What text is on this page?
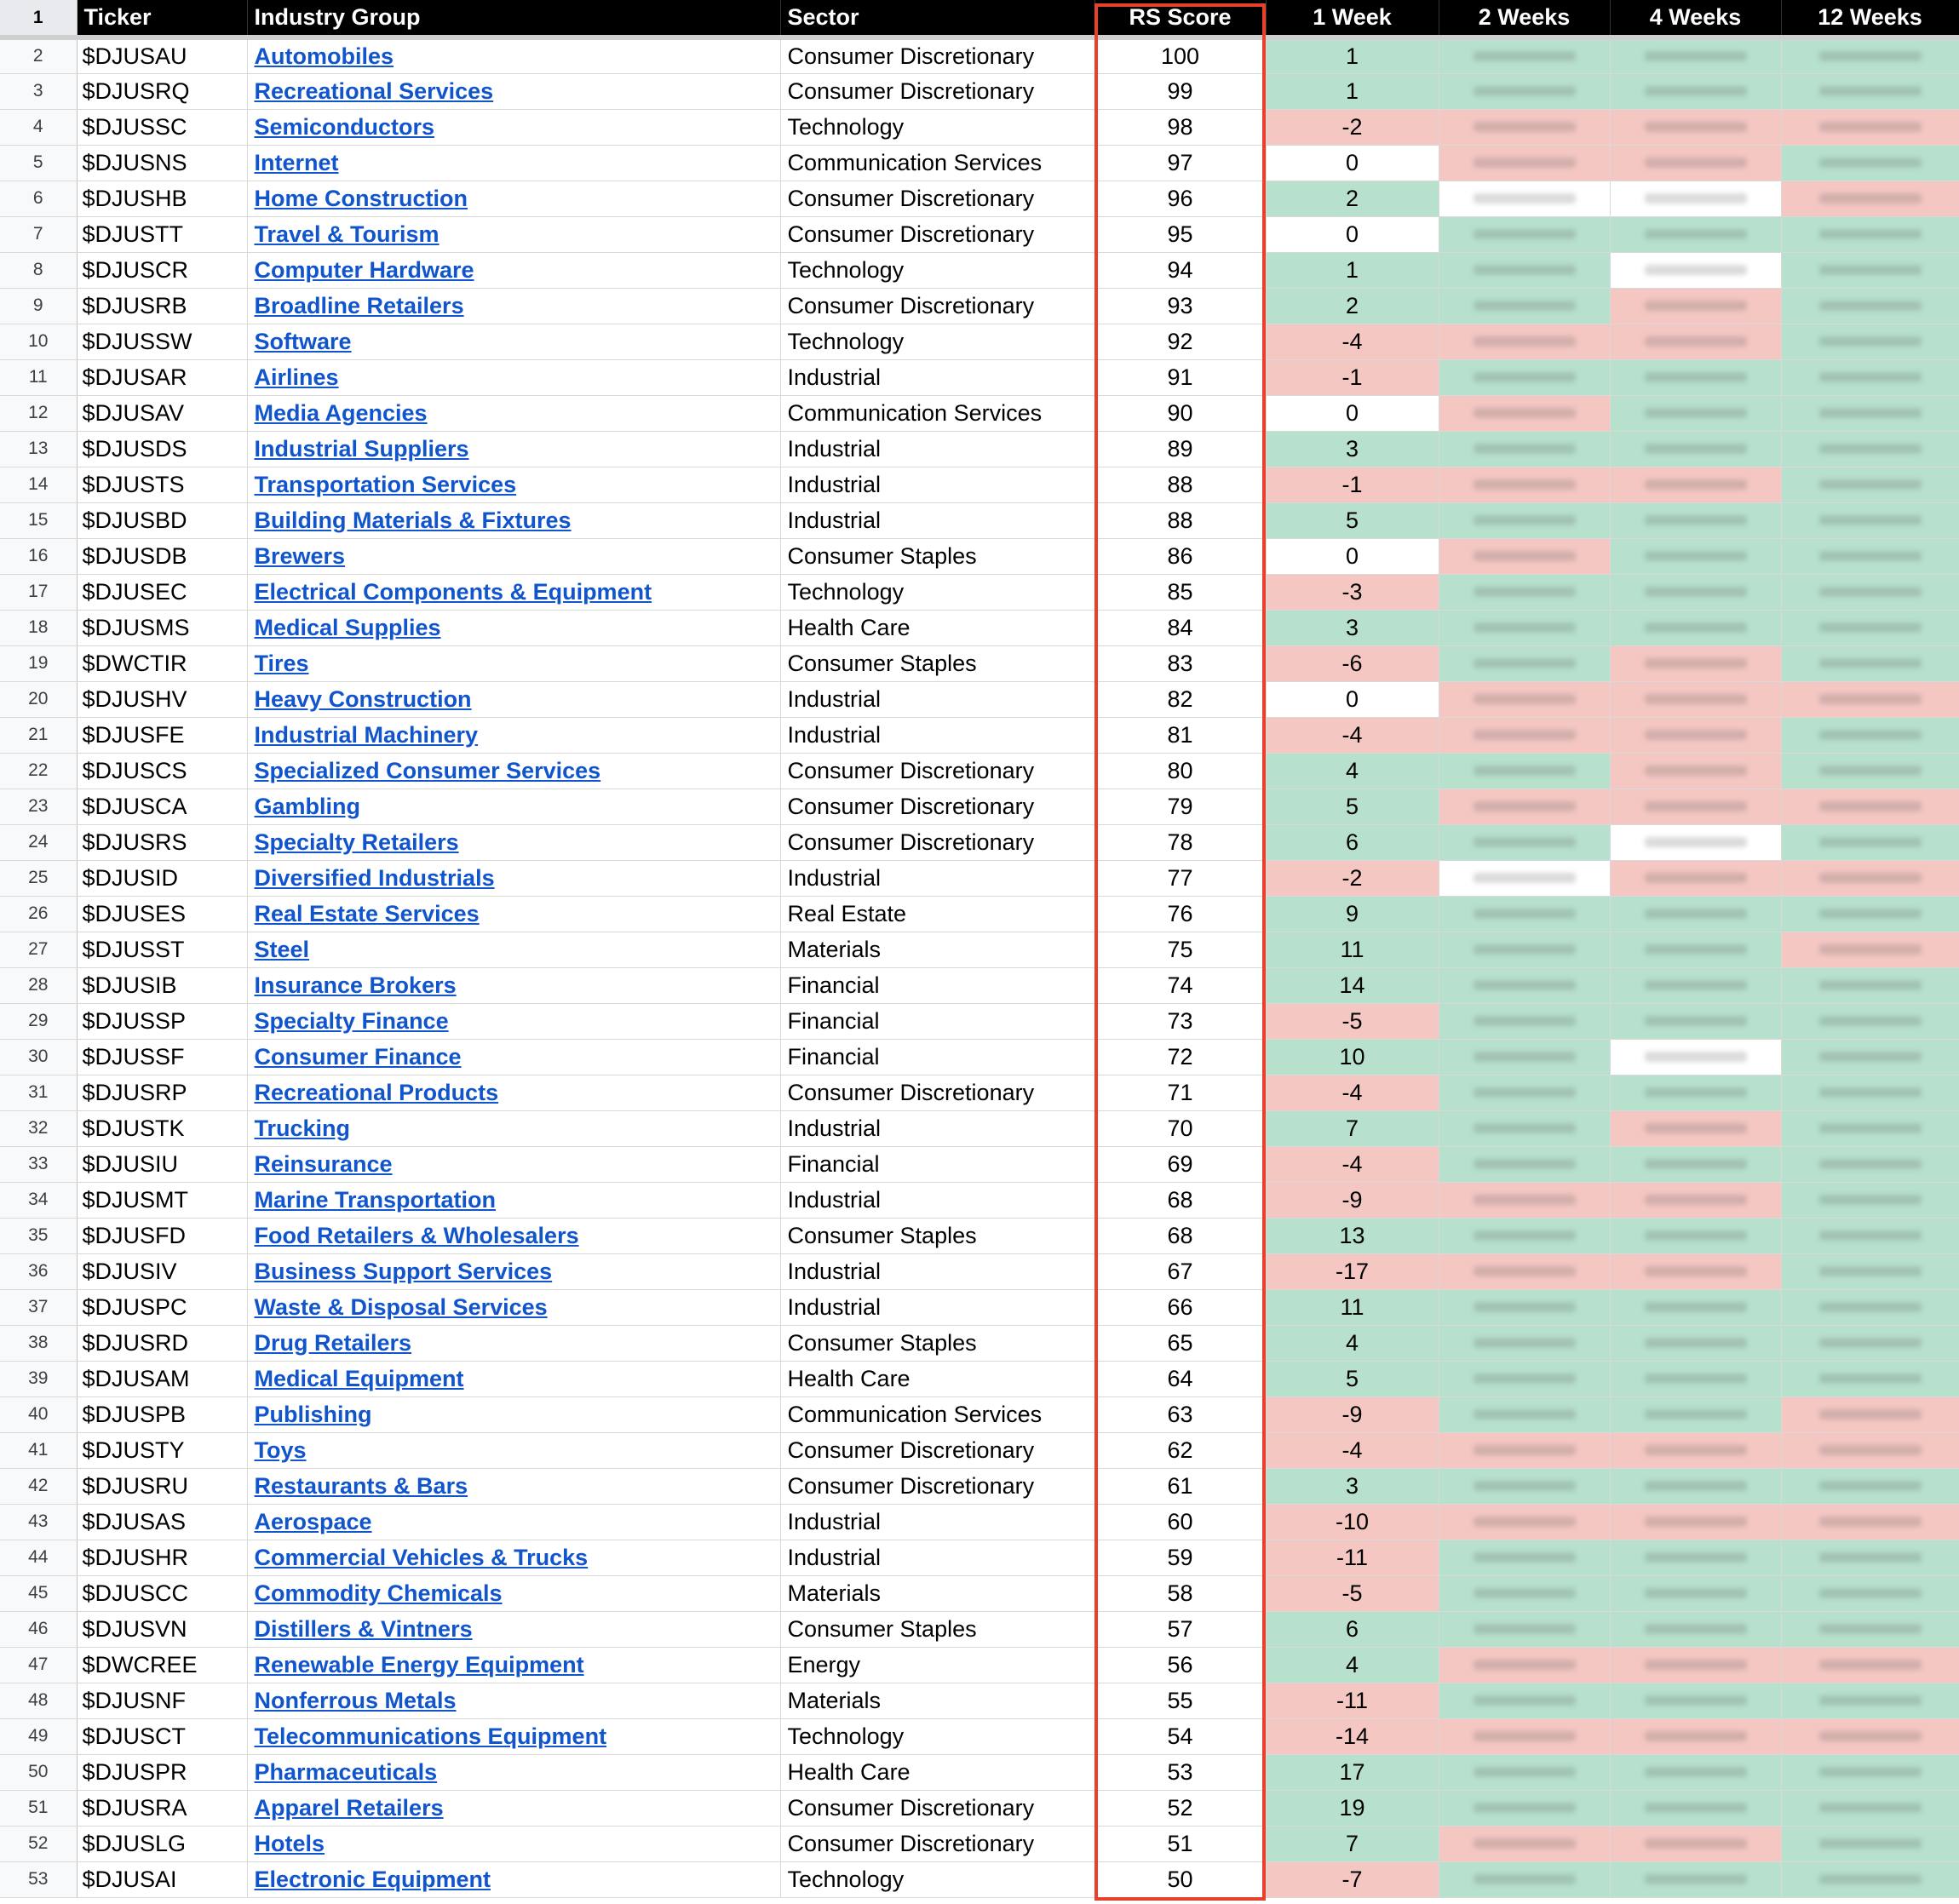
1	Ticker	Industry Group	Sector	RS Score	1 Week	2 Weeks	4 Weeks	12 Weeks
2	$DJUSAU	Automobiles	Consumer Discretionary	100	1	

3	$DJUSRQ	Recreational Services	Consumer Discretionary	99	1	

4	$DJUSSC	Semiconductors	Technology	98	-2	

5	$DJUSNS	Internet	Communication Services	97	0	

6	$DJUSHB	Home Construction	Consumer Discretionary	96	2	

7	$DJUSTT	Travel & Tourism	Consumer Discretionary	95	0	

8	$DJUSCR	Computer Hardware	Technology	94	1	

9	$DJUSRB	Broadline Retailers	Consumer Discretionary	93	2	

10	$DJUSSW	Software	Technology	92	-4	

11	$DJUSAR	Airlines	Industrial	91	-1	

12	$DJUSAV	Media Agencies	Communication Services	90	0	

13	$DJUSDS	Industrial Suppliers	Industrial	89	3	

14	$DJUSTS	Transportation Services	Industrial	88	-1	

15	$DJUSBD	Building Materials & Fixtures	Industrial	88	5	

16	$DJUSDB	Brewers	Consumer Staples	86	0	

17	$DJUSEC	Electrical Components & Equipment	Technology	85	-3	

18	$DJUSMS	Medical Supplies	Health Care	84	3	

19	$DWCTIR	Tires	Consumer Staples	83	-6	

20	$DJUSHV	Heavy Construction	Industrial	82	0	

21	$DJUSFE	Industrial Machinery	Industrial	81	-4	

22	$DJUSCS	Specialized Consumer Services	Consumer Discretionary	80	4	

23	$DJUSCA	Gambling	Consumer Discretionary	79	5	

24	$DJUSRS	Specialty Retailers	Consumer Discretionary	78	6	

25	$DJUSID	Diversified Industrials	Industrial	77	-2	

26	$DJUSES	Real Estate Services	Real Estate	76	9	

27	$DJUSST	Steel	Materials	75	11	

28	$DJUSIB	Insurance Brokers	Financial	74	14	

29	$DJUSSP	Specialty Finance	Financial	73	-5	

30	$DJUSSF	Consumer Finance	Financial	72	10	

31	$DJUSRP	Recreational Products	Consumer Discretionary	71	-4	

32	$DJUSTK	Trucking	Industrial	70	7	

33	$DJUSIU	Reinsurance	Financial	69	-4	

34	$DJUSMT	Marine Transportation	Industrial	68	-9	

35	$DJUSFD	Food Retailers & Wholesalers	Consumer Staples	68	13	

36	$DJUSIV	Business Support Services	Industrial	67	-17	

37	$DJUSPC	Waste & Disposal Services	Industrial	66	11	

38	$DJUSRD	Drug Retailers	Consumer Staples	65	4	

39	$DJUSAM	Medical Equipment	Health Care	64	5	

40	$DJUSPB	Publishing	Communication Services	63	-9	

41	$DJUSTY	Toys	Consumer Discretionary	62	-4	

42	$DJUSRU	Restaurants & Bars	Consumer Discretionary	61	3	

43	$DJUSAS	Aerospace	Industrial	60	-10	

44	$DJUSHR	Commercial Vehicles & Trucks	Industrial	59	-11	

45	$DJUSCC	Commodity Chemicals	Materials	58	-5	

46	$DJUSVN	Distillers & Vintners	Consumer Staples	57	6	

47	$DWCREE	Renewable Energy Equipment	Energy	56	4	

48	$DJUSNF	Nonferrous Metals	Materials	55	-11	

49	$DJUSCT	Telecommunications Equipment	Technology	54	-14	

50	$DJUSPR	Pharmaceuticals	Health Care	53	17	

51	$DJUSRA	Apparel Retailers	Consumer Discretionary	52	19	

52	$DJUSLG	Hotels	Consumer Discretionary	51	7	

53	$DJUSAI	Electronic Equipment	Technology	50	-7	
